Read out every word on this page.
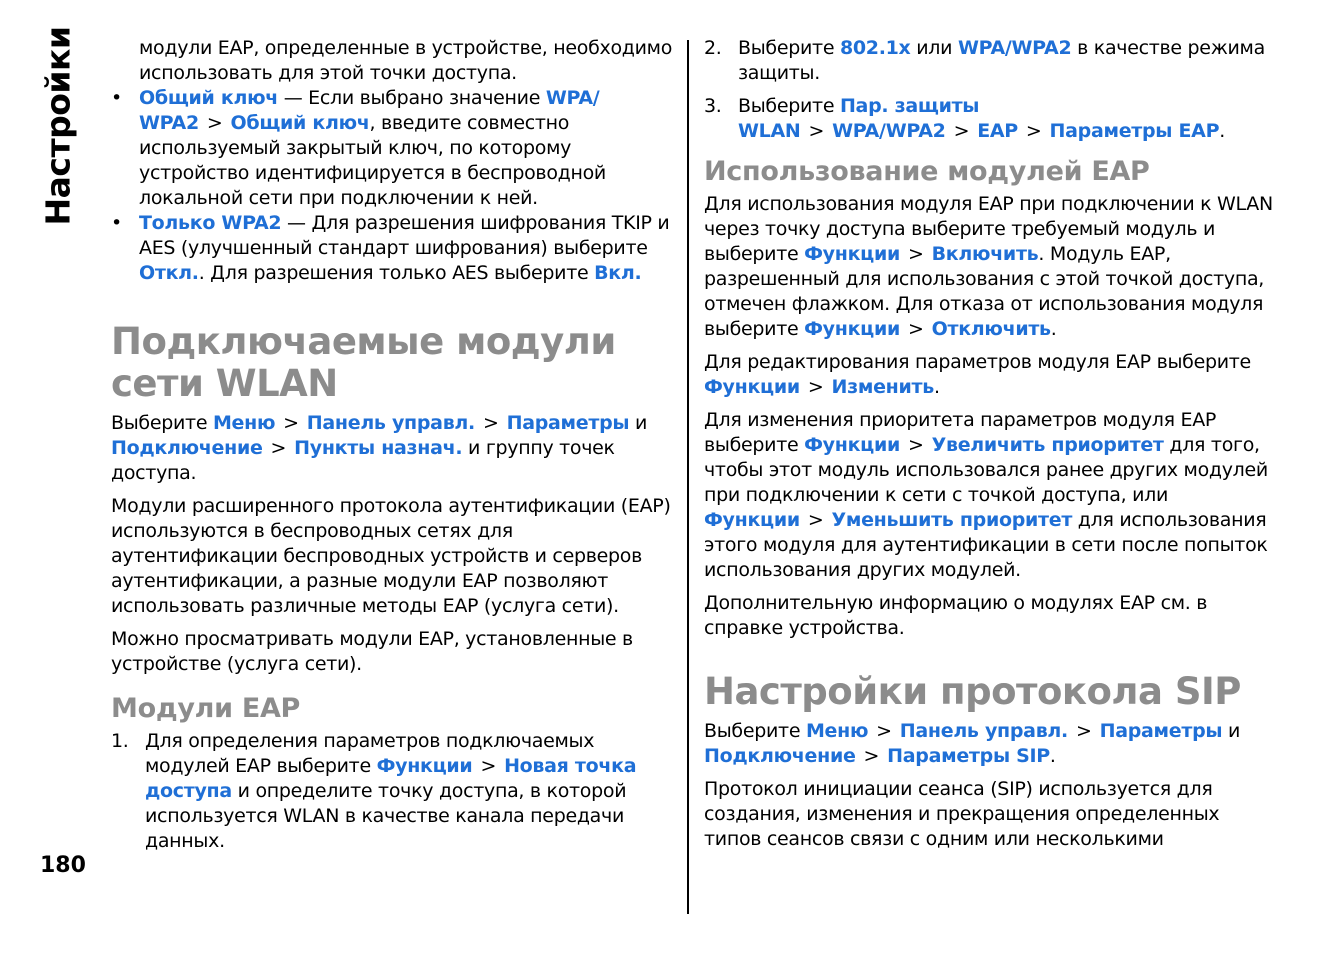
Настройки
180

модули EAP, определенные в устройстве, необходимо использовать для этой точки доступа.

• Общий ключ — Если выбрано значение WPA/ WPA2 > Общий ключ, введите совместно используемый закрытый ключ, по которому устройство идентифицируется в беспроводной локальной сети при подключении к ней.
• Только WPA2 — Для разрешения шифрования TKIP и AES (улучшенный стандарт шифрования) выберите Откл.. Для разрешения только AES выберите Вкл.
Подключаемые модули сети WLAN

Выберите Меню > Панель управл. > Параметры и Подключение > Пункты назнач. и группу точек доступа.

Модули расширенного протокола аутентификации (EAP) используются в беспроводных сетях для аутентификации беспроводных устройств и серверов аутентификации, а разные модули EAP позволяют использовать различные методы EAP (услуга сети).

Можно просматривать модули EAP, установленные в устройстве (услуга сети).

Модули EAP
1. Для определения параметров подключаемых модулей EAP выберите Функции > Новая точка доступа и определите точку доступа, в которой используется WLAN в качестве канала передачи данных.
2. Выберите 802.1x или WPA/WPA2 в качестве режима защиты.
3. Выберите Пар. защиты WLAN > WPA/WPA2 > EAP > Параметры EAP.
Использование модулей EAP

Для использования модуля EAP при подключении к WLAN через точку доступа выберите требуемый модуль и выберите Функции > Включить. Модуль EAP, разрешенный для использования с этой точкой доступа, отмечен флажком. Для отказа от использования модуля выберите Функции > Отключить.

Для редактирования параметров модуля EAP выберите Функции > Изменить.

Для изменения приоритета параметров модуля EAP выберите Функции > Увеличить приоритет для того, чтобы этот модуль использовался ранее других модулей при подключении к сети с точкой доступа, или Функции > Уменьшить приоритет для использования этого модуля для аутентификации в сети после попыток использования других модулей.

Дополнительную информацию о модулях EAP см. в справке устройства.

Настройки протокола SIP

Выберите Меню > Панель управл. > Параметры и Подключение > Параметры SIP.

Протокол инициации сеанса (SIP) используется для создания, изменения и прекращения определенных типов сеансов связи с одним или несколькими
